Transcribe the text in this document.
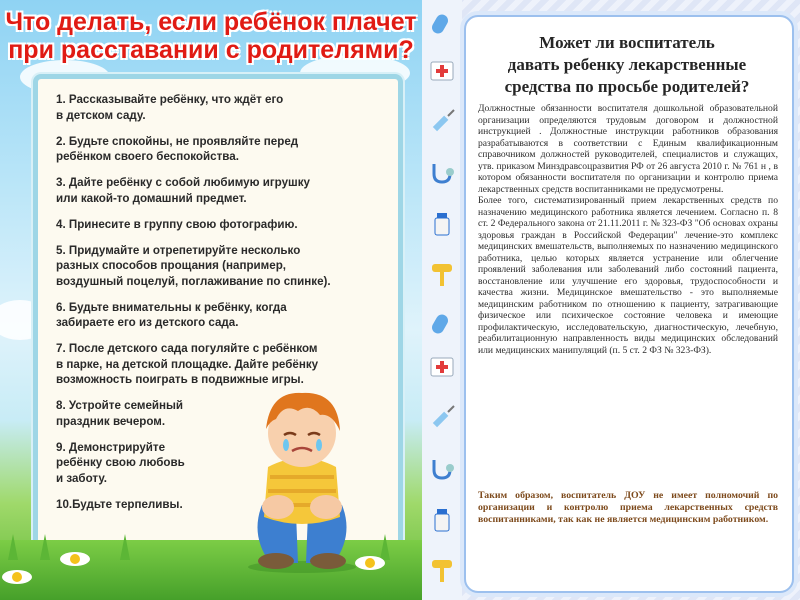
Что делать, если ребёнок плачет
при расставании с родителями?
1. Рассказывайте ребёнку, что ждёт его
в детском саду.
2. Будьте спокойны, не проявляйте перед
ребёнком своего беспокойства.
3. Дайте ребёнку с собой любимую игрушку
или какой-то домашний предмет.
4. Принесите в группу свою фотографию.
5. Придумайте и отрепетируйте несколько
разных способов прощания (например,
воздушный поцелуй, поглаживание по спинке).
6. Будьте внимательны к ребёнку, когда
забираете его из детского сада.
7. После детского сада погуляйте с ребёнком
в парке, на детской площадке. Дайте ребёнку
возможность поиграть в подвижные игры.
8. Устройте семейный
праздник вечером.
9. Демонстрируйте
ребёнку свою любовь
и заботу.
10.Будьте терпеливы.
Может ли воспитатель
давать ребенку лекарственные
средства по просьбе родителей?

Должностные обязанности воспитателя дошкольной образовательной организации определяются трудовым договором и должностной инструкцией . Должностные инструкции работников образования разрабатываются в соответствии с Единым квалификационным справочником должностей руководителей, специалистов и служащих, утв. приказом Минздравсоцразвития РФ от 26 августа 2010 г. № 761 н , в котором обязанности воспитателя по организации и контролю приема лекарственных средств воспитанниками не предусмотрены.

Более того, систематизированный прием лекарственных средств по назначению медицинского работника является лечением. Согласно п. 8 ст. 2 Федерального закона от 21.11.2011 г. № 323-ФЗ "Об основах охраны здоровья граждан в Российской Федерации" лечение-это комплекс медицинских вмешательств, выполняемых по назначению медицинского работника, целью которых является устранение или облегчение проявлений заболевания или заболеваний либо состояний пациента, восстановление или улучшение его здоровья, трудоспособности и качества жизни. Медицинское вмешательство - это выполняемые медицинским работником по отношению к пациенту, затрагивающие физическое или психическое состояние человека и имеющие профилактическую, исследовательскую, диагностическую, лечебную, реабилитационную направленность виды медицинских обследований или медицинских манипуляций (п. 5 ст. 2 ФЗ № 323-ФЗ).

Таким образом, воспитатель ДОУ не имеет полномочий по организации и контролю приема лекарственных средств воспитанниками, так как не является медицинским работником.
